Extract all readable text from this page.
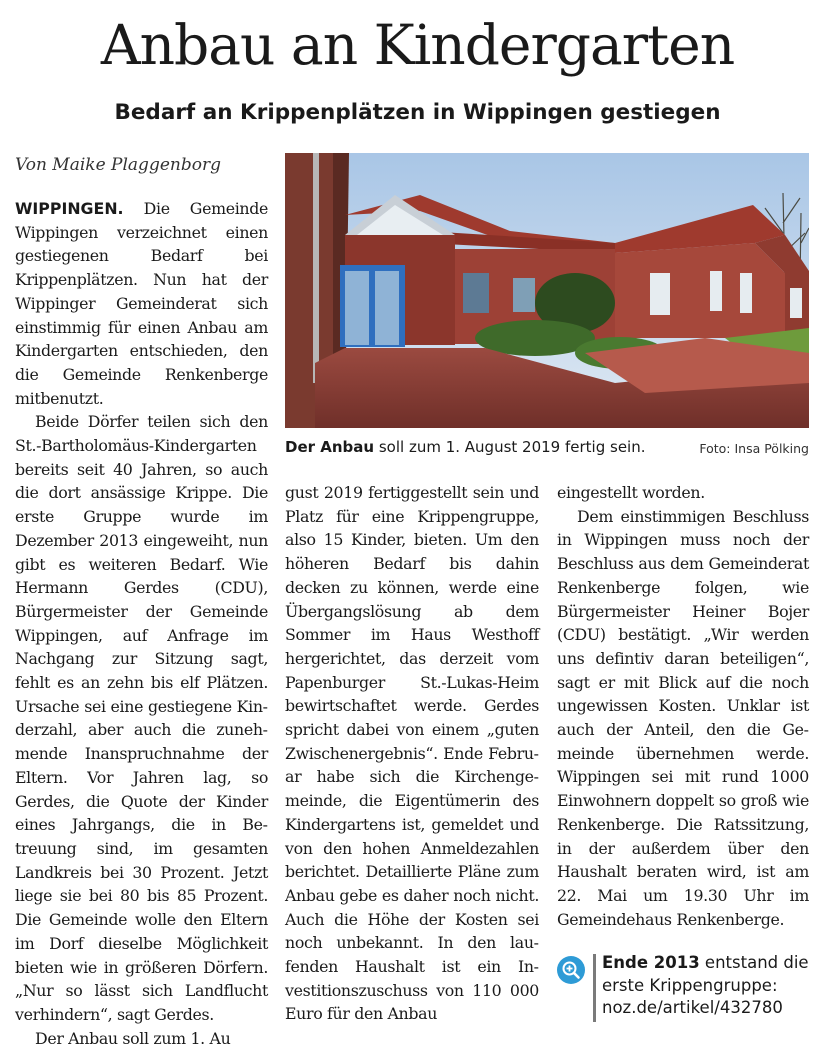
Anbau an Kindergarten
Bedarf an Krippenplätzen in Wippingen gestiegen
Von Maike Plaggenborg

WIPPINGEN. Die Gemeinde Wippingen verzeichnet einen gestiegenen Bedarf bei Krippenplätzen. Nun hat der Wippinger Gemeinderat sich einstimmig für einen Anbau am Kindergarten entschieden, den die Gemeinde Renkenberge mitbenutzt.

Beide Dörfer teilen sich den St.-Bartholomäus-Kindergarten bereits seit 40 Jahren, so auch die dort ansässige Krippe. Die erste Gruppe wurde im Dezember 2013 eingeweiht, nun gibt es weiteren Bedarf. Wie Hermann Gerdes (CDU), Bürgermeister der Gemeinde Wippingen, auf Anfrage im Nachgang zur Sitzung sagt, fehlt es an zehn bis elf Plätzen. Ursache sei eine gestiegene Kinderzahl, aber auch die zunehmende Inanspruchnahme der Eltern. Vor Jahren lag, so Gerdes, die Quote der Kinder eines Jahrgangs, die in Betreuung sind, im gesamten Landkreis bei 30 Prozent. Jetzt liege sie bei 80 bis 85 Prozent. Die Gemeinde wolle den Eltern im Dorf dieselbe Möglichkeit bieten wie in größeren Dörfern. „Nur so lässt sich Landflucht verhindern“, sagt Gerdes.

Der Anbau soll zum 1. Au

Der Anbau soll zum 1. August 2019 fertig sein.	Foto: Insa Pölking

gust 2019 fertiggestellt sein und Platz für eine Krippengruppe, also 15 Kinder, bieten. Um den höheren Bedarf bis dahin decken zu können, werde eine Übergangslösung ab dem Sommer im Haus Westhoff hergerichtet, das derzeit vom Papenburger St.-Lukas-Heim bewirtschaftet werde. Gerdes spricht dabei von einem „guten Zwischenergebnis“. Ende Februar habe sich die Kirchengemeinde, die Eigentümerin des Kindergartens ist, gemeldet und von den hohen Anmeldezahlen berichtet. Detaillierte Pläne zum Anbau gebe es daher noch nicht. Auch die Höhe der Kosten sei noch unbekannt. In den laufenden Haushalt ist ein Investitionszuschuss von 110 000 Euro für den Anbau

eingestellt worden.

Dem einstimmigen Beschluss in Wippingen muss noch der Beschluss aus dem Gemeinderat Renkenberge folgen, wie Bürgermeister Heiner Bojer (CDU) bestätigt. „Wir werden uns defintiv daran beteiligen“, sagt er mit Blick auf die noch ungewissen Kosten. Unklar ist auch der Anteil, den die Gemeinde übernehmen werde. Wippingen sei mit rund 1000 Einwohnern doppelt so groß wie Renkenberge. Die Ratssitzung, in der außerdem über den Haushalt beraten wird, ist am 22. Mai um 19.30 Uhr im Gemeindehaus Renkenberge.

Ende 2013 entstand die erste Krippengruppe:
noz.de/artikel/432780
